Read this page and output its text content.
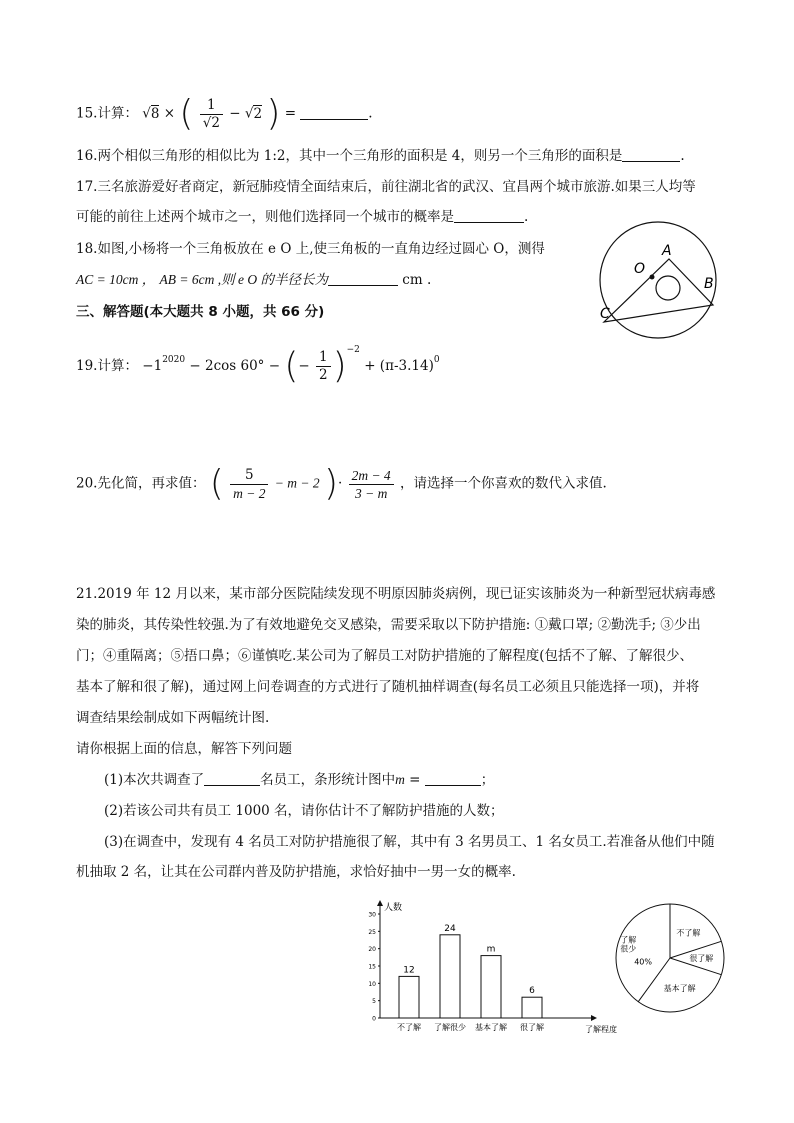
15.计算： √8 × ( $\frac{1}{√2} - √2$ ) =	.
16.两个相似三角形的相似比为 1:2，其中一个三角形的面积是 4，则另一个三角形的面积是	.
17.三名旅游爱好者商定，新冠肺疫情全面结束后，前往湖北省的武汉、宜昌两个城市旅游.如果三人均等
可能的前往上述两个城市之一，则他们选择同一个城市的概率是	.
18.如图,小杨将一个三角板放在 e O 上,使三角板的一直角边经过圆心 O，测得
AC = 10cm ， AB = 6cm ,则 e O 的半径长为	cm .
O
A
B
C
三、解答题(本大题共 8 小题，共 66 分)
19.计算： $-1^{2020} - 2\cos$ 60° − (− $\frac{1}{2} )^{-2} + (\pi-3.14)^0$
20.先化简，再求值： ( $\frac{5}{m - 2} - m - 2$ )· $\frac{2m - 4}{3 - m}$ ，请选择一个你喜欢的数代入求值.
21.2019 年 12 月以来，某市部分医院陆续发现不明原因肺炎病例，现已证实该肺炎为一种新型冠状病毒感
染的肺炎，其传染性较强.为了有效地避免交叉感染，需要采取以下防护措施: ①戴口罩; ②勤洗手; ③少出
门；④重隔离；⑤捂口鼻；⑥谨慎吃.某公司为了解员工对防护措施的了解程度(包括不了解、了解很少、
基本了解和很了解)，通过网上问卷调查的方式进行了随机抽样调查(每名员工必须且只能选择一项)，并将
调查结果绘制成如下两幅统计图.
请你根据上面的信息，解答下列问题
(1)本次共调查了	名员工，条形统计图中m =	；
(2)若该公司共有员工 1000 名，请你估计不了解防护措施的人数；
(3)在调查中，发现有 4 名员工对防护措施很了解，其中有 3 名男员工、1 名女员工.若准备从他们中随
机抽取 2 名，让其在公司群内普及防护措施，求恰好抽中一男一女的概率.
人数
了解程度
0
5
10
15
20
25
30
12
不了解
24
了解很少
m
基本了解
6
很了解
不了解
很了解
基本了解
了解
很少
40%
